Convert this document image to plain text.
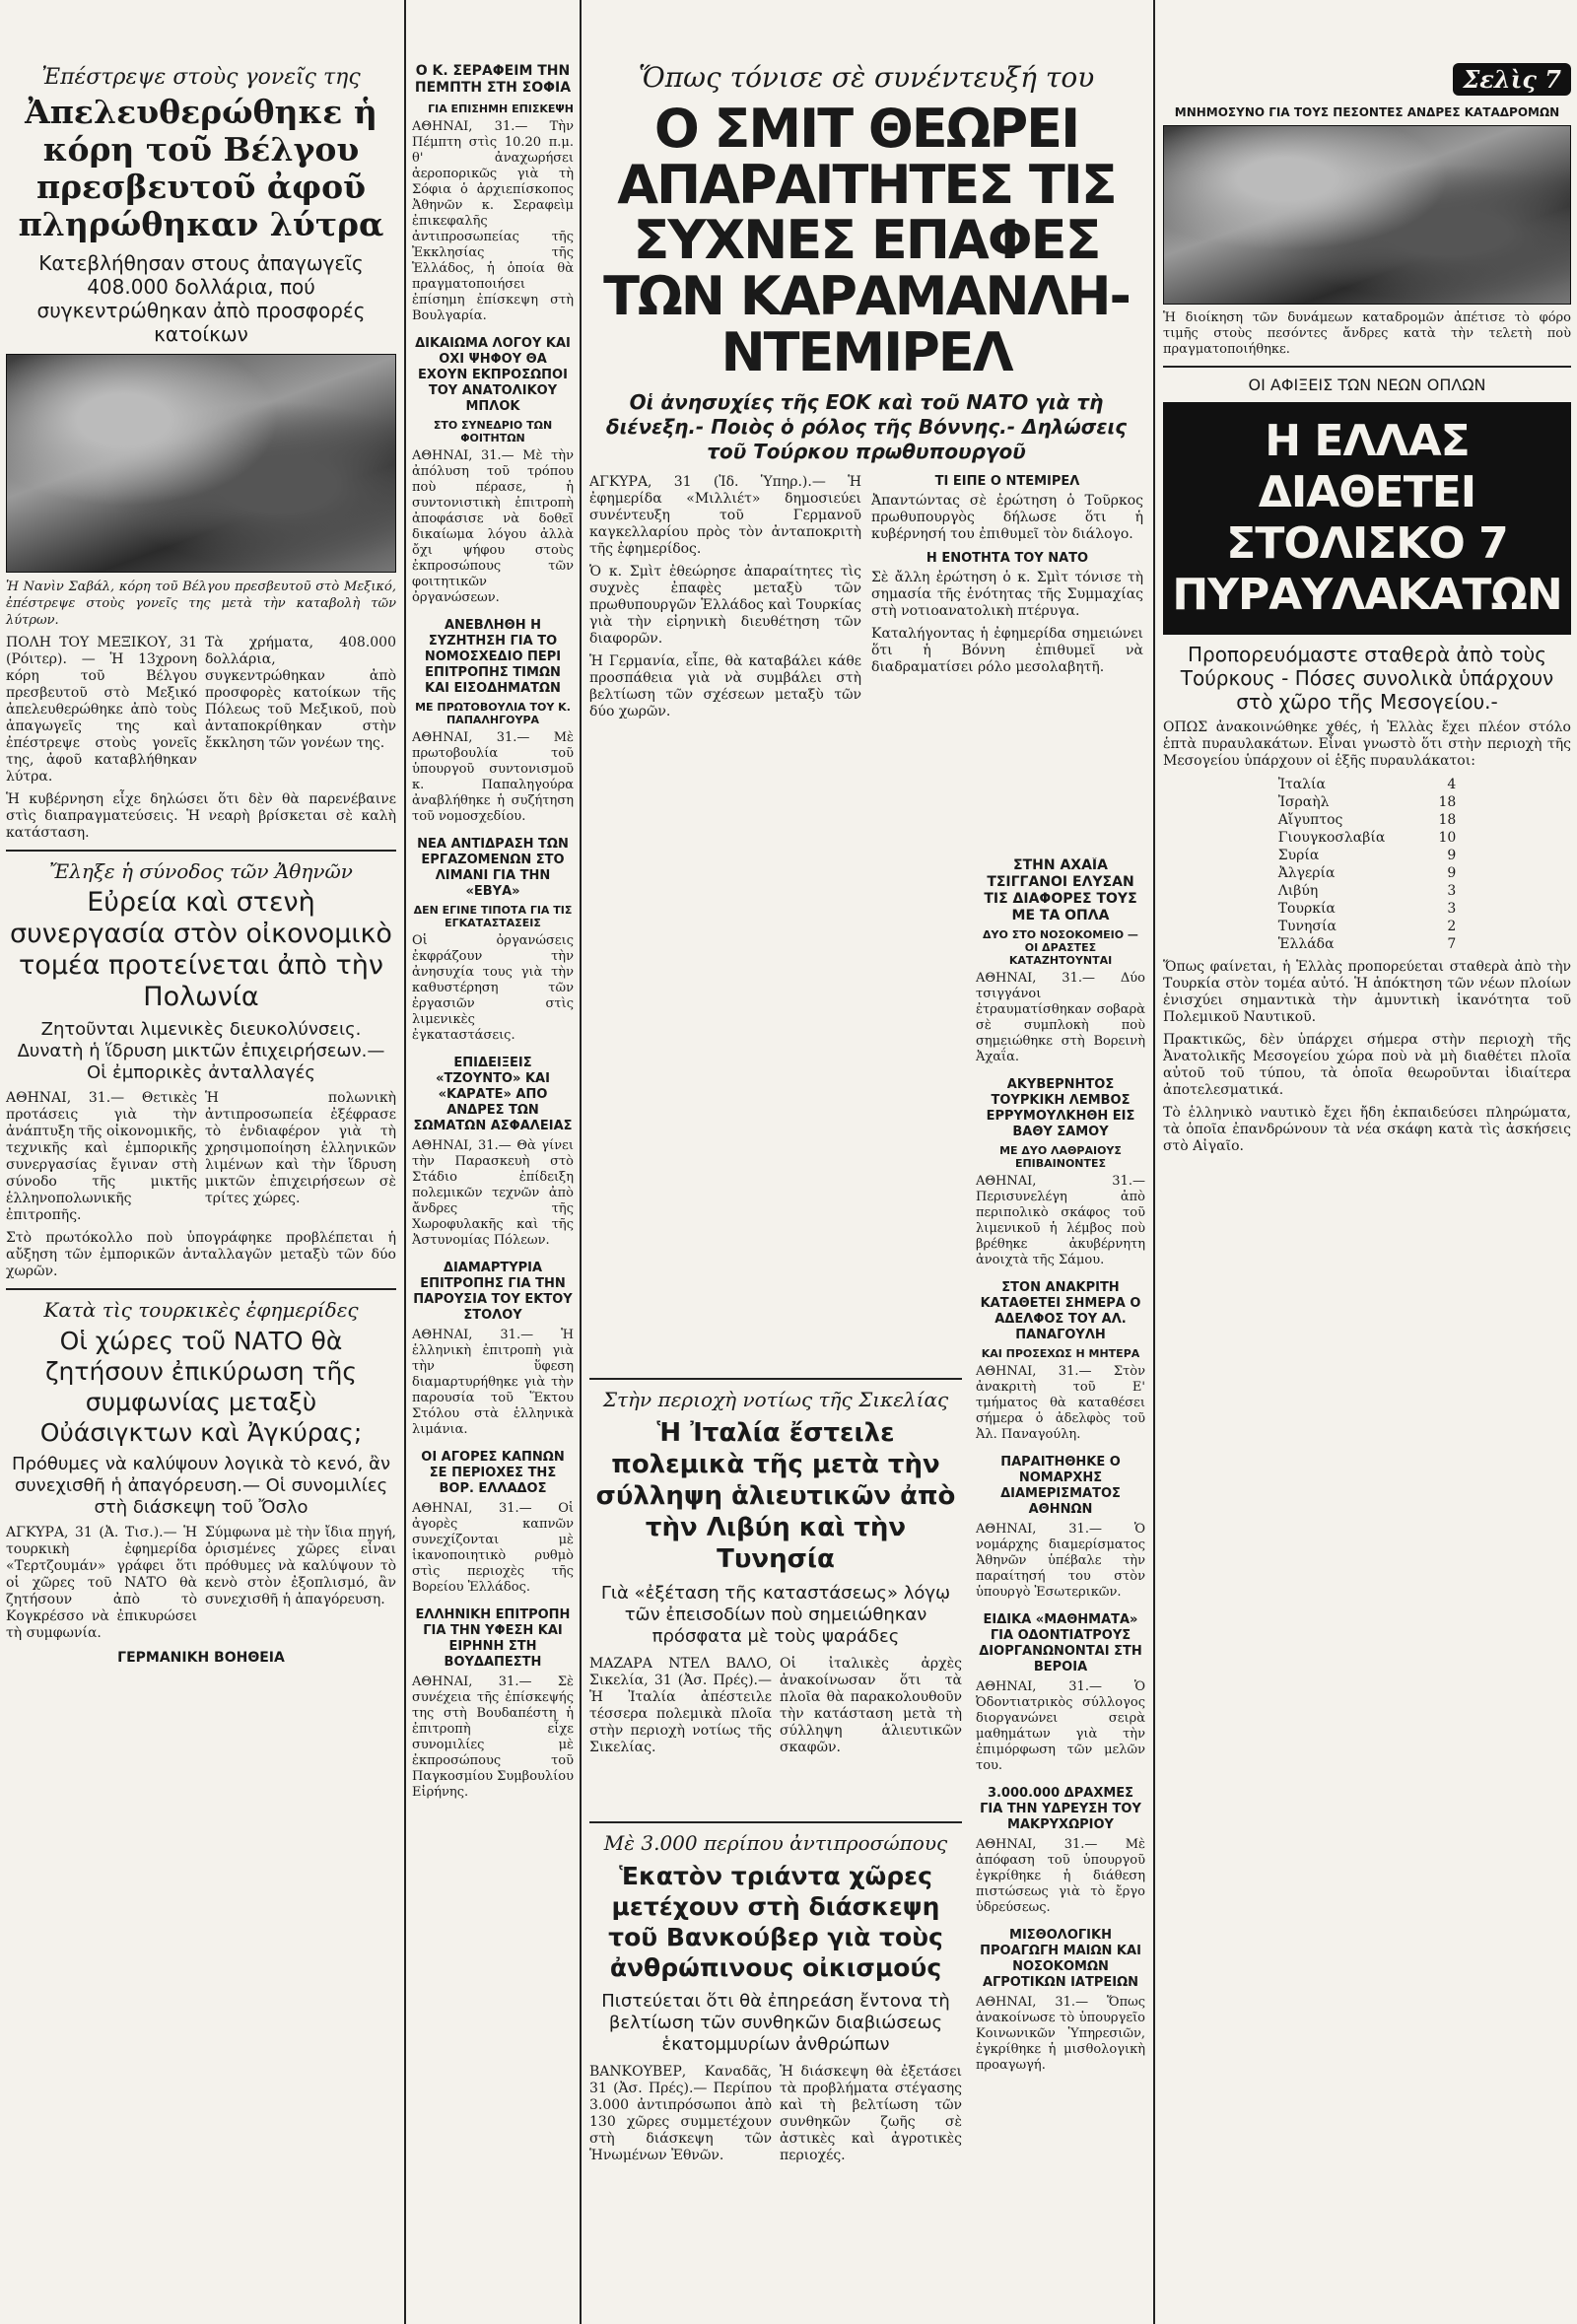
Ἐπέστρεψε στοὺς γονεῖς της
Ἀπελευθερώθηκε ἡ κόρη τοῦ Βέλγου πρεσβευτοῦ ἀφοῦ πληρώθηκαν λύτρα
Κατεβλήθησαν στους ἀπαγωγεῖς 408.000 δολλάρια, πού συγκεντρώθηκαν ἀπὸ προσφορές κατοίκων

Ἡ Νανὶν Σαβάλ, κόρη τοῦ Βέλγου πρεσβευτοῦ στὸ Μεξικό, ἐπέστρεψε στοὺς γονεῖς της μετὰ τὴν καταβολὴ τῶν λύτρων.

ΠΟΛΗ ΤΟΥ ΜΕΞΙΚΟΥ, 31 (Ρόιτερ). — Ἡ 13χρονη κόρη τοῦ Βέλγου πρεσβευτοῦ στὸ Μεξικό ἀπελευθερώθηκε ἀπὸ τοὺς ἀπαγωγεῖς της καὶ ἐπέστρεψε στοὺς γονεῖς της, ἀφοῦ καταβλήθηκαν λύτρα.

Τὰ χρήματα, 408.000 δολλάρια, συγκεντρώθηκαν ἀπὸ προσφορὲς κατοίκων τῆς Πόλεως τοῦ Μεξικοῦ, ποὺ ἀνταποκρίθηκαν στὴν ἔκκληση τῶν γονέων της.

Ἡ κυβέρνηση εἶχε δηλώσει ὅτι δὲν θὰ παρενέβαινε στὶς διαπραγματεύσεις. Ἡ νεαρὴ βρίσκεται σὲ καλὴ κατάσταση.

Ἔληξε ἡ σύνοδος τῶν Ἀθηνῶν
Εὐρεία καὶ στενὴ συνεργασία στὸν οἰκονομικὸ τομέα προτείνεται ἀπὸ τὴν Πολωνία
Ζητοῦνται λιμενικὲς διευκολύνσεις. Δυνατὴ ἡ ἵδρυση μικτῶν ἐπιχειρήσεων.— Οἱ ἐμπορικὲς ἀνταλλαγές

ΑΘΗΝΑΙ, 31.— Θετικὲς προτάσεις γιὰ τὴν ἀνάπτυξη τῆς οἰκονομικῆς, τεχνικῆς καὶ ἐμπορικῆς συνεργασίας ἔγιναν στὴ σύνοδο τῆς μικτῆς ἑλληνοπολωνικῆς ἐπιτροπῆς.

Ἡ πολωνικὴ ἀντιπροσωπεία ἐξέφρασε τὸ ἐνδιαφέρον γιὰ τὴ χρησιμοποίηση ἑλληνικῶν λιμένων καὶ τὴν ἵδρυση μικτῶν ἐπιχειρήσεων σὲ τρίτες χώρες.

Στὸ πρωτόκολλο ποὺ ὑπογράφηκε προβλέπεται ἡ αὔξηση τῶν ἐμπορικῶν ἀνταλλαγῶν μεταξὺ τῶν δύο χωρῶν.

Κατὰ τὶς τουρκικὲς ἐφημερίδες
Οἱ χώρες τοῦ ΝΑΤΟ θὰ ζητήσουν ἐπικύρωση τῆς συμφωνίας μεταξὺ Οὐάσιγκτων καὶ Ἀγκύρας;
Πρόθυμες νὰ καλύψουν λογικὰ τὸ κενό, ἂν συνεχισθῆ ἡ ἀπαγόρευση.— Οἱ συνομιλίες στὴ διάσκεψη τοῦ Ὄσλο

ΑΓΚΥΡΑ, 31 (Ἀ. Τισ.).— Ἡ τουρκικὴ ἐφημερίδα «Τερτζουμάν» γράφει ὅτι οἱ χῶρες τοῦ ΝΑΤΟ θὰ ζητήσουν ἀπὸ τὸ Κογκρέσσο νὰ ἐπικυρώσει τὴ συμφωνία.

Σύμφωνα μὲ τὴν ἴδια πηγή, ὁρισμένες χῶρες εἶναι πρόθυμες νὰ καλύψουν τὸ κενὸ στὸν ἐξοπλισμό, ἂν συνεχισθῆ ἡ ἀπαγόρευση.

ΓΕΡΜΑΝΙΚΗ ΒΟΗΘΕΙΑ
Ο Κ. ΣΕΡΑΦΕΙΜ ΤΗΝ ΠΕΜΠΤΗ ΣΤΗ ΣΟΦΙΑ
ΓΙΑ ΕΠΙΣΗΜΗ ΕΠΙΣΚΕΨΗ

ΑΘΗΝΑΙ, 31.— Τὴν Πέμπτη στὶς 10.20 π.μ. θ' ἀναχωρήσει ἀεροπορικῶς γιὰ τὴ Σόφια ὁ ἀρχιεπίσκοπος Ἀθηνῶν κ. Σεραφεὶμ ἐπικεφαλῆς ἀντιπροσωπείας τῆς Ἐκκλησίας τῆς Ἑλλάδος, ἡ ὁποία θὰ πραγματοποιήσει ἐπίσημη ἐπίσκεψη στὴ Βουλγαρία.

ΔΙΚΑΙΩΜΑ ΛΟΓΟΥ ΚΑΙ ΟΧΙ ΨΗΦΟΥ ΘΑ ΕΧΟΥΝ ΕΚΠΡΟΣΩΠΟΙ ΤΟΥ ΑΝΑΤΟΛΙΚΟΥ ΜΠΛΟΚ
ΣΤΟ ΣΥΝΕΔΡΙΟ ΤΩΝ ΦΟΙΤΗΤΩΝ

ΑΘΗΝΑΙ, 31.— Μὲ τὴν ἀπόλυση τοῦ τρόπου ποὺ πέρασε, ἡ συντονιστικὴ ἐπιτροπὴ ἀποφάσισε νὰ δοθεῖ δικαίωμα λόγου ἀλλὰ ὄχι ψήφου στοὺς ἐκπροσώπους τῶν φοιτητικῶν ὀργανώσεων.

ΑΝΕΒΛΗΘΗ Η ΣΥΖΗΤΗΣΗ ΓΙΑ ΤΟ ΝΟΜΟΣΧΕΔΙΟ ΠΕΡΙ ΕΠΙΤΡΟΠΗΣ ΤΙΜΩΝ ΚΑΙ ΕΙΣΟΔΗΜΑΤΩΝ
ΜΕ ΠΡΩΤΟΒΟΥΛΙΑ ΤΟΥ Κ. ΠΑΠΑΛΗΓΟΥΡΑ

ΑΘΗΝΑΙ, 31.— Μὲ πρωτοβουλία τοῦ ὑπουργοῦ συντονισμοῦ κ. Παπαληγούρα ἀναβλήθηκε ἡ συζήτηση τοῦ νομοσχεδίου.

ΝΕΑ ΑΝΤΙΔΡΑΣΗ ΤΩΝ ΕΡΓΑΖΟΜΕΝΩΝ ΣΤΟ ΛΙΜΑΝΙ ΓΙΑ ΤΗΝ «ΕΒΥΑ»
ΔΕΝ ΕΓΙΝΕ ΤΙΠΟΤΑ ΓΙΑ ΤΙΣ ΕΓΚΑΤΑΣΤΑΣΕΙΣ

Οἱ ὀργανώσεις ἐκφράζουν τὴν ἀνησυχία τους γιὰ τὴν καθυστέρηση τῶν ἐργασιῶν στὶς λιμενικὲς ἐγκαταστάσεις.

ΕΠΙΔΕΙΞΕΙΣ «ΤΖΟΥΝΤΟ» ΚΑΙ «ΚΑΡΑΤΕ» ΑΠΟ ΑΝΔΡΕΣ ΤΩΝ ΣΩΜΑΤΩΝ ΑΣΦΑΛΕΙΑΣ

ΑΘΗΝΑΙ, 31.— Θὰ γίνει τὴν Παρασκευὴ στὸ Στάδιο ἐπίδειξη πολεμικῶν τεχνῶν ἀπὸ ἄνδρες τῆς Χωροφυλακῆς καὶ τῆς Ἀστυνομίας Πόλεων.

ΔΙΑΜΑΡΤΥΡΙΑ ΕΠΙΤΡΟΠΗΣ ΓΙΑ ΤΗΝ ΠΑΡΟΥΣΙΑ ΤΟΥ ΕΚΤΟΥ ΣΤΟΛΟΥ

ΑΘΗΝΑΙ, 31.— Ἡ ἑλληνικὴ ἐπιτροπὴ γιὰ τὴν ὕφεση διαμαρτυρήθηκε γιὰ τὴν παρουσία τοῦ Ἕκτου Στόλου στὰ ἑλληνικὰ λιμάνια.

ΟΙ ΑΓΟΡΕΣ ΚΑΠΝΩΝ ΣΕ ΠΕΡΙΟΧΕΣ ΤΗΣ ΒΟΡ. ΕΛΛΑΔΟΣ

ΑΘΗΝΑΙ, 31.— Οἱ ἀγορὲς καπνῶν συνεχίζονται μὲ ἱκανοποιητικὸ ρυθμὸ στὶς περιοχὲς τῆς Βορείου Ἑλλάδος.

ΕΛΛΗΝΙΚΗ ΕΠΙΤΡΟΠΗ ΓΙΑ ΤΗΝ ΥΦΕΣΗ ΚΑΙ ΕΙΡΗΝΗ ΣΤΗ ΒΟΥΔΑΠΕΣΤΗ

ΑΘΗΝΑΙ, 31.— Σὲ συνέχεια τῆς ἐπίσκεψής της στὴ Βουδαπέστη ἡ ἐπιτροπὴ εἶχε συνομιλίες μὲ ἐκπροσώπους τοῦ Παγκοσμίου Συμβουλίου Εἰρήνης.

Ὅπως τόνισε σὲ συνέντευξή του
Ο ΣΜΙΤ ΘΕΩΡΕΙ ΑΠΑΡΑΙΤΗΤΕΣ ΤΙΣ ΣΥΧΝΕΣ ΕΠΑΦΕΣ ΤΩΝ ΚΑΡΑΜΑΝΛΗ-ΝΤΕΜΙΡΕΛ
Οἱ ἀνησυχίες τῆς ΕΟΚ καὶ τοῦ ΝΑΤΟ γιὰ τὴ διένεξη.- Ποιὸς ὁ ρόλος τῆς Βόννης.- Δηλώσεις τοῦ Τούρκου πρωθυπουργοῦ

ΑΓΚΥΡΑ, 31 (Ἰδ. Ὑπηρ.).— Ἡ ἐφημερίδα «Μιλλιέτ» δημοσιεύει συνέντευξη τοῦ Γερμανοῦ καγκελλαρίου πρὸς τὸν ἀνταποκριτὴ τῆς ἐφημερίδος.

Ὁ κ. Σμὶτ ἐθεώρησε ἀπαραίτητες τὶς συχνὲς ἐπαφὲς μεταξὺ τῶν πρωθυπουργῶν Ἑλλάδος καὶ Τουρκίας γιὰ τὴν εἰρηνικὴ διευθέτηση τῶν διαφορῶν.

Ἡ Γερμανία, εἶπε, θὰ καταβάλει κάθε προσπάθεια γιὰ νὰ συμβάλει στὴ βελτίωση τῶν σχέσεων μεταξὺ τῶν δύο χωρῶν.

ΤΙ ΕΙΠΕ Ο ΝΤΕΜΙΡΕΛ

Ἀπαντώντας σὲ ἐρώτηση ὁ Τοῦρκος πρωθυπουργὸς δήλωσε ὅτι ἡ κυβέρνησή του ἐπιθυμεῖ τὸν διάλογο.

Η ΕΝΟΤΗΤΑ ΤΟΥ ΝΑΤΟ

Σὲ ἄλλη ἐρώτηση ὁ κ. Σμὶτ τόνισε τὴ σημασία τῆς ἑνότητας τῆς Συμμαχίας στὴ νοτιοανατολικὴ πτέρυγα.

Καταλήγοντας ἡ ἐφημερίδα σημειώνει ὅτι ἡ Βόννη ἐπιθυμεῖ νὰ διαδραματίσει ρόλο μεσολαβητῆ.

Στὴν περιοχὴ νοτίως τῆς Σικελίας
Ἡ Ἰταλία ἔστειλε πολεμικὰ τῆς μετὰ τὴν σύλληψη ἁλιευτικῶν ἀπὸ τὴν Λιβύη καὶ τὴν Τυνησία
Γιὰ «ἐξέταση τῆς καταστάσεως» λόγῳ τῶν ἐπεισοδίων ποὺ σημειώθηκαν πρόσφατα μὲ τοὺς ψαράδες

ΜΑΖΑΡΑ ΝΤΕΛ ΒΑΛΟ, Σικελία, 31 (Ἀσ. Πρές).— Ἡ Ἰταλία ἀπέστειλε τέσσερα πολεμικὰ πλοῖα στὴν περιοχὴ νοτίως τῆς Σικελίας.

Οἱ ἰταλικὲς ἀρχὲς ἀνακοίνωσαν ὅτι τὰ πλοῖα θὰ παρακολουθοῦν τὴν κατάσταση μετὰ τὴ σύλληψη ἁλιευτικῶν σκαφῶν.

Μὲ 3.000 περίπου ἀντιπροσώπους
Ἑκατὸν τριάντα χῶρες μετέχουν στὴ διάσκεψη τοῦ Βανκούβερ γιὰ τοὺς ἀνθρώπινους οἰκισμούς
Πιστεύεται ὅτι θὰ ἐπηρεάση ἔντονα τὴ βελτίωση τῶν συνθηκῶν διαβιώσεως ἑκατομμυρίων ἀνθρώπων

ΒΑΝΚΟΥΒΕΡ, Καναδᾶς, 31 (Ἀσ. Πρές).— Περίπου 3.000 ἀντιπρόσωποι ἀπὸ 130 χῶρες συμμετέχουν στὴ διάσκεψη τῶν Ἡνωμένων Ἐθνῶν.

Ἡ διάσκεψη θὰ ἐξετάσει τὰ προβλήματα στέγασης καὶ τὴ βελτίωση τῶν συνθηκῶν ζωῆς σὲ ἀστικὲς καὶ ἀγροτικὲς περιοχές.

ΣΤΗΝ ΑΧΑΪΑ ΤΣΙΓΓΑΝΟΙ ΕΛΥΣΑΝ ΤΙΣ ΔΙΑΦΟΡΕΣ ΤΟΥΣ ΜΕ ΤΑ ΟΠΛΑ
ΔΥΟ ΣΤΟ ΝΟΣΟΚΟΜΕΙΟ — ΟΙ ΔΡΑΣΤΕΣ ΚΑΤΑΖΗΤΟΥΝΤΑΙ

ΑΘΗΝΑΙ, 31.— Δύο τσιγγάνοι ἐτραυματίσθηκαν σοβαρὰ σὲ συμπλοκὴ ποὺ σημειώθηκε στὴ Βορεινὴ Ἀχαΐα.

ΑΚΥΒΕΡΝΗΤΟΣ ΤΟΥΡΚΙΚΗ ΛΕΜΒΟΣ ΕΡΡΥΜΟΥΛΚΗΘΗ ΕΙΣ ΒΑΘΥ ΣΑΜΟΥ
ΜΕ ΔΥΟ ΛΑΘΡΑΙΟΥΣ ΕΠΙΒΑΙΝΟΝΤΕΣ

ΑΘΗΝΑΙ, 31.— Περισυνελέγη ἀπὸ περιπολικὸ σκάφος τοῦ λιμενικοῦ ἡ λέμβος ποὺ βρέθηκε ἀκυβέρνητη ἀνοιχτὰ τῆς Σάμου.

ΣΤΟΝ ΑΝΑΚΡΙΤΗ ΚΑΤΑΘΕΤΕΙ ΣΗΜΕΡΑ Ο ΑΔΕΛΦΟΣ ΤΟΥ ΑΛ. ΠΑΝΑΓΟΥΛΗ
ΚΑΙ ΠΡΟΣΕΧΩΣ Η ΜΗΤΕΡΑ

ΑΘΗΝΑΙ, 31.— Στὸν ἀνακριτὴ τοῦ Ε' τμήματος θὰ καταθέσει σήμερα ὁ ἀδελφὸς τοῦ Ἀλ. Παναγούλη.

ΠΑΡΑΙΤΗΘΗΚΕ Ο ΝΟΜΑΡΧΗΣ ΔΙΑΜΕΡΙΣΜΑΤΟΣ ΑΘΗΝΩΝ

ΑΘΗΝΑΙ, 31.— Ὁ νομάρχης διαμερίσματος Ἀθηνῶν ὑπέβαλε τὴν παραίτησή του στὸν ὑπουργὸ Ἐσωτερικῶν.

ΕΙΔΙΚΑ «ΜΑΘΗΜΑΤΑ» ΓΙΑ ΟΔΟΝΤΙΑΤΡΟΥΣ ΔΙΟΡΓΑΝΩΝΟΝΤΑΙ ΣΤΗ ΒΕΡΟΙΑ

ΑΘΗΝΑΙ, 31.— Ὁ Ὀδοντιατρικὸς σύλλογος διοργανώνει σειρὰ μαθημάτων γιὰ τὴν ἐπιμόρφωση τῶν μελῶν του.

3.000.000 ΔΡΑΧΜΕΣ ΓΙΑ ΤΗΝ ΥΔΡΕΥΣΗ ΤΟΥ ΜΑΚΡΥΧΩΡΙΟΥ

ΑΘΗΝΑΙ, 31.— Μὲ ἀπόφαση τοῦ ὑπουργοῦ ἐγκρίθηκε ἡ διάθεση πιστώσεως γιὰ τὸ ἔργο ὑδρεύσεως.

ΜΙΣΘΟΛΟΓΙΚΗ ΠΡΟΑΓΩΓΗ ΜΑΙΩΝ ΚΑΙ ΝΟΣΟΚΟΜΩΝ ΑΓΡΟΤΙΚΩΝ ΙΑΤΡΕΙΩΝ

ΑΘΗΝΑΙ, 31.— Ὅπως ἀνακοίνωσε τὸ ὑπουργεῖο Κοινωνικῶν Ὑπηρεσιῶν, ἐγκρίθηκε ἡ μισθολογικὴ προαγωγή.

Σελὶς 7
ΜΝΗΜΟΣΥΝΟ ΓΙΑ ΤΟΥΣ ΠΕΣΟΝΤΕΣ ΑΝΔΡΕΣ ΚΑΤΑΔΡΟΜΩΝ

Ἡ διοίκηση τῶν δυνάμεων καταδρομῶν ἀπέτισε τὸ φόρο τιμῆς στοὺς πεσόντες ἄνδρες κατὰ τὴν τελετὴ ποὺ πραγματοποιήθηκε.

ΟΙ ΑΦΙΞΕΙΣ ΤΩΝ ΝΕΩΝ ΟΠΛΩΝ
Η ΕΛΛΑΣ ΔΙΑΘΕΤΕΙ ΣΤΟΛΙΣΚΟ 7 ΠΥΡΑΥΛΑΚΑΤΩΝ
Προπορευόμαστε σταθερὰ ἀπὸ τοὺς Τούρκους - Πόσες συνολικὰ ὑπάρχουν στὸ χῶρο τῆς Μεσογείου.-

ΟΠΩΣ ἀνακοινώθηκε χθές, ἡ Ἑλλὰς ἔχει πλέον στόλο ἑπτὰ πυραυλακάτων. Εἶναι γνωστὸ ὅτι στὴν περιοχὴ τῆς Μεσογείου ὑπάρχουν οἱ ἑξῆς πυραυλάκατοι:

Ἰταλία	4
Ἰσραὴλ	18
Αἴγυπτος	18
Γιουγκοσλαβία	10
Συρία	9
Ἀλγερία	9
Λιβύη	3
Τουρκία	3
Τυνησία	2
Ἑλλάδα	7

Ὅπως φαίνεται, ἡ Ἑλλὰς προπορεύεται σταθερὰ ἀπὸ τὴν Τουρκία στὸν τομέα αὐτό. Ἡ ἀπόκτηση τῶν νέων πλοίων ἐνισχύει σημαντικὰ τὴν ἀμυντικὴ ἱκανότητα τοῦ Πολεμικοῦ Ναυτικοῦ.

Πρακτικῶς, δὲν ὑπάρχει σήμερα στὴν περιοχὴ τῆς Ἀνατολικῆς Μεσογείου χώρα ποὺ νὰ μὴ διαθέτει πλοῖα αὐτοῦ τοῦ τύπου, τὰ ὁποῖα θεωροῦνται ἰδιαίτερα ἀποτελεσματικά.

Τὸ ἑλληνικὸ ναυτικὸ ἔχει ἤδη ἐκπαιδεύσει πληρώματα, τὰ ὁποῖα ἐπανδρώνουν τὰ νέα σκάφη κατὰ τὶς ἀσκήσεις στὸ Αἰγαῖο.
